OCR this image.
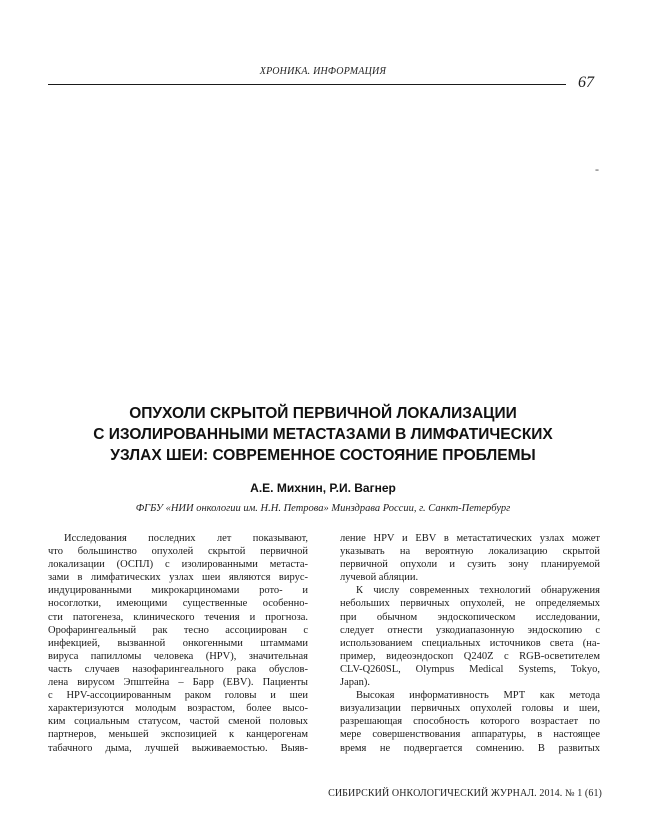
ХРОНИКА. ИНФОРМАЦИЯ
67
-
ОПУХОЛИ СКРЫТОЙ ПЕРВИЧНОЙ ЛОКАЛИЗАЦИИ
С ИЗОЛИРОВАННЫМИ МЕТАСТАЗАМИ В ЛИМФАТИЧЕСКИХ
УЗЛАХ ШЕИ: СОВРЕМЕННОЕ СОСТОЯНИЕ ПРОБЛЕМЫ
А.Е. Михнин, Р.И. Вагнер
ФГБУ «НИИ онкологии им. Н.Н. Петрова» Минздрава России, г. Санкт-Петербург

Исследования последних лет показывают,
что большинство опухолей скрытой первичной
локализации (ОСПЛ) с изолированными метаста-
зами в лимфатических узлах шеи являются вирус-
индуцированными микрокарциномами рото- и
носоглотки, имеющими существенные особенно-
сти патогенеза, клинического течения и прогноза.
Орофарингеальный рак тесно ассоциирован с
инфекцией, вызванной онкогенными штаммами
вируса папилломы человека (HPV), значительная
часть случаев назофарингеального рака обуслов-
лена вирусом Эпштейна – Барр (EBV). Пациенты
с HPV-ассоциированным раком головы и шеи
характеризуются молодым возрастом, более высо-
ким социальным статусом, частой сменой половых
партнеров, меньшей экспозицией к канцерогенам
табачного дыма, лучшей выживаемостью. Выяв-

ление HPV и EBV в метастатических узлах может
указывать на вероятную локализацию скрытой
первичной опухоли и сузить зону планируемой
лучевой абляции.

К числу современных технологий обнаружения
небольших первичных опухолей, не определяемых
при обычном эндоскопическом исследовании,
следует отнести узкодиапазонную эндоскопию с
использованием специальных источников света (на-
пример, видеоэндоскоп Q240Z с RGB-осветителем
CLV-Q260SL, Olympus Medical Systems, Tokyo,
Japan).

Высокая информативность МРТ как метода
визуализации первичных опухолей головы и шеи,
разрешающая способность которого возрастает по
мере совершенствования аппаратуры, в настоящее
время не подвергается сомнению. В развитых

СИБИРСКИЙ ОНКОЛОГИЧЕСКИЙ ЖУРНАЛ. 2014. № 1 (61)
